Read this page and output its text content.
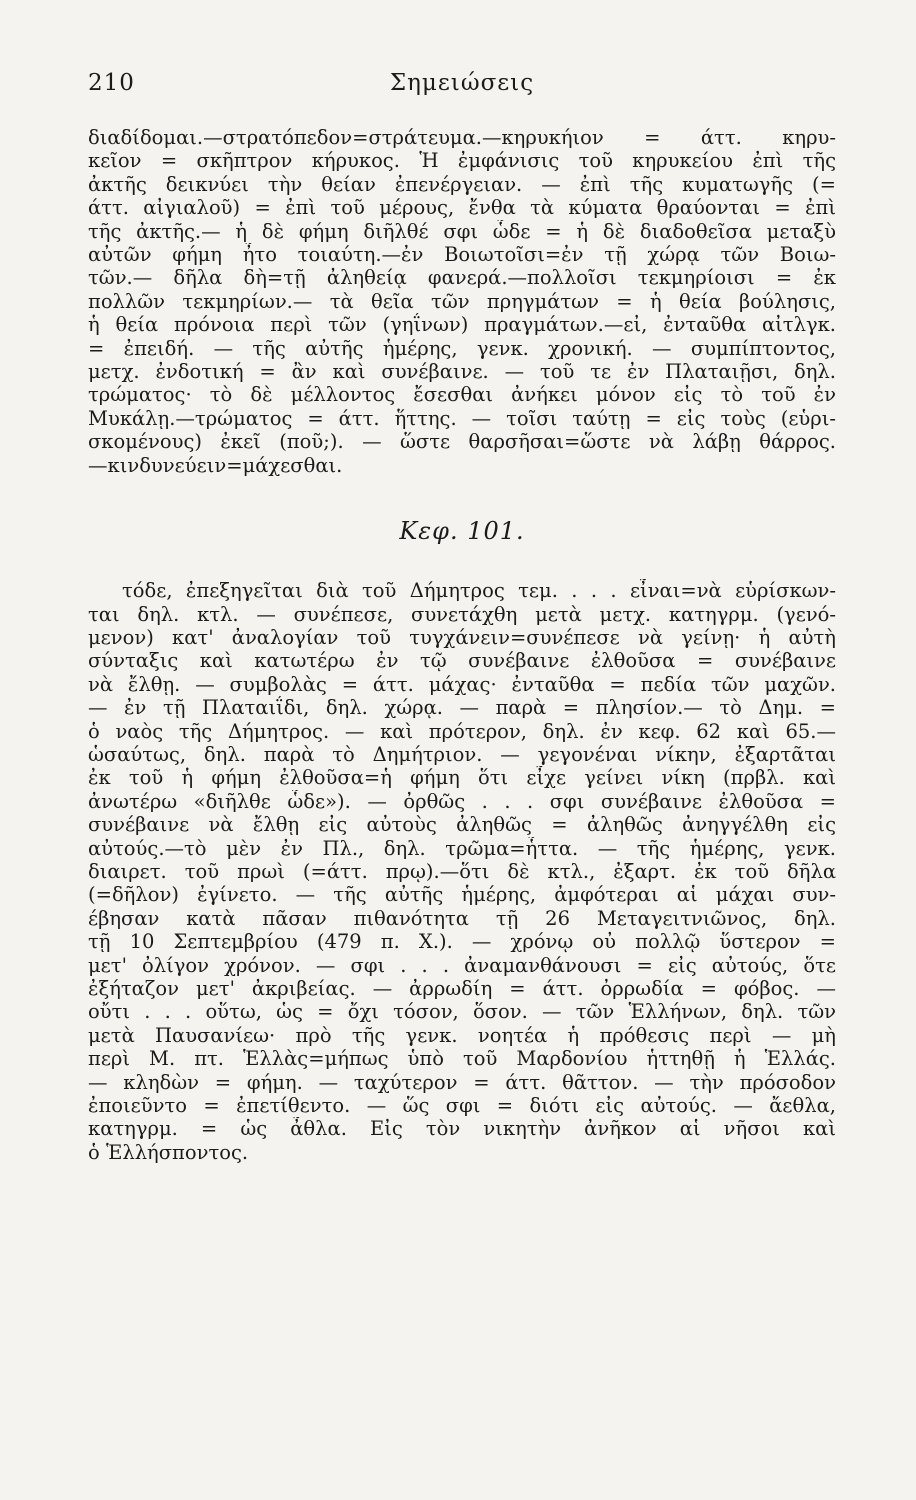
210	Σημειώσεις
διαδίδομαι.—στρατόπεδον=στράτευμα.—κηρυκήιον = άττ. κηρυ-
κεῖον = σκῆπτρον κήρυκος. Ἡ ἐμφάνισις τοῦ κηρυκείου ἐπὶ τῆς
ἀκτῆς δεικνύει τὴν θείαν ἐπενέργειαν. — ἐπὶ τῆς κυματωγῆς (=
άττ. αἰγιαλοῦ) = ἐπὶ τοῦ μέρους, ἔνθα τὰ κύματα θραύονται = ἐπὶ
τῆς ἀκτῆς.— ἡ δὲ φήμη διῆλθέ σφι ὧδε = ἡ δὲ διαδοθεῖσα μεταξὺ
αὐτῶν φήμη ἦτο τοιαύτη.—ἐν Βοιωτοῖσι=ἐν τῇ χώρᾳ τῶν Βοιω-
τῶν.— δῆλα δὴ=τῇ ἀληθείᾳ φανερά.—πολλοῖσι τεκμηρίοισι = ἐκ
πολλῶν τεκμηρίων.— τὰ θεῖα τῶν πρηγμάτων = ἡ θεία βούλησις,
ἡ θεία πρόνοια περὶ τῶν (γηΐνων) πραγμάτων.—εἰ, ἐνταῦθα αἰτλγκ.
= ἐπειδή. — τῆς αὐτῆς ἡμέρης, γενκ. χρονική. — συμπίπτοντος,
μετχ. ἐνδοτική = ἂν καὶ συνέβαινε. — τοῦ τε ἐν Πλαταιῇσι, δηλ.
τρώματος· τὸ δὲ μέλλοντος ἔσεσθαι ἀνήκει μόνον εἰς τὸ τοῦ ἐν
Μυκάλῃ.—τρώματος = άττ. ἥττης. — τοῖσι ταύτῃ = εἰς τοὺς (εὑρι-
σκομένους) ἐκεῖ (ποῦ;). — ὥστε θαρσῆσαι=ὥστε νὰ λάβῃ θάρρος.
—κινδυνεύειν=μάχεσθαι.
Κεφ. 101.
τόδε, ἐπεξηγεῖται διὰ τοῦ Δήμητρος τεμ. . . . εἶναι=νὰ εὑρίσκων-
ται δηλ. κτλ. — συνέπεσε, συνετάχθη μετὰ μετχ. κατηγρμ. (γενό-
μενον) κατ' ἀναλογίαν τοῦ τυγχάνειν=συνέπεσε νὰ γείνῃ· ἡ αὐτὴ
σύνταξις καὶ κατωτέρω ἐν τῷ συνέβαινε ἐλθοῦσα = συνέβαινε
νὰ ἔλθῃ. — συμβολὰς = άττ. μάχας· ἐνταῦθα = πεδία τῶν μαχῶν.
— ἐν τῇ Πλαταιΐδι, δηλ. χώρᾳ. — παρὰ = πλησίον.— τὸ Δημ. =
ὁ ναὸς τῆς Δήμητρος. — καὶ πρότερον, δηλ. ἐν κεφ. 62 καὶ 65.—
ὡσαύτως, δηλ. παρὰ τὸ Δημήτριον. — γεγονέναι νίκην, ἐξαρτᾶται
ἐκ τοῦ ἡ φήμη ἐλθοῦσα=ἡ φήμη ὅτι εἶχε γείνει νίκη (πρβλ. καὶ
ἀνωτέρω «διῆλθε ὧδε»). — ὀρθῶς . . . σφι συνέβαινε ἐλθοῦσα =
συνέβαινε νὰ ἔλθῃ εἰς αὐτοὺς ἀληθῶς = ἀληθῶς ἀνηγγέλθη εἰς
αὐτούς.—τὸ μὲν ἐν Πλ., δηλ. τρῶμα=ἧττα. — τῆς ἡμέρης, γενκ.
διαιρετ. τοῦ πρωὶ (=άττ. πρῳ).—ὅτι δὲ κτλ., ἐξαρτ. ἐκ τοῦ δῆλα
(=δῆλον) ἐγίνετο. — τῆς αὐτῆς ἡμέρης, ἀμφότεραι αἱ μάχαι συν-
έβησαν κατὰ πᾶσαν πιθανότητα τῇ 26 Μεταγειτνιῶνος, δηλ.
τῇ 10 Σεπτεμβρίου (479 π. Χ.). — χρόνῳ οὐ πολλῷ ὕστερον =
μετ' ὀλίγον χρόνον. — σφι . . . ἀναμανθάνουσι = εἰς αὐτούς, ὅτε
ἐξήταζον μετ' ἀκριβείας. — ἀρρωδίη = άττ. ὀρρωδία = φόβος. —
οὔτι . . . οὕτω, ὡς = ὄχι τόσον, ὅσον. — τῶν Ἑλλήνων, δηλ. τῶν
μετὰ Παυσανίεω· πρὸ τῆς γενκ. νοητέα ἡ πρόθεσις περὶ — μὴ
περὶ Μ. πτ. Ἑλλὰς=μήπως ὑπὸ τοῦ Μαρδονίου ἡττηθῇ ἡ Ἑλλάς.
— κληδὼν = φήμη. — ταχύτερον = άττ. θᾶττον. — τὴν πρόσοδον
ἐποιεῦντο = ἐπετίθεντο. — ὥς σφι = διότι εἰς αὐτούς. — ἄεθλα,
κατηγρμ. = ὡς ἆθλα. Εἰς τὸν νικητὴν ἀνῆκον αἱ νῆσοι καὶ
ὁ Ἑλλήσποντος.
